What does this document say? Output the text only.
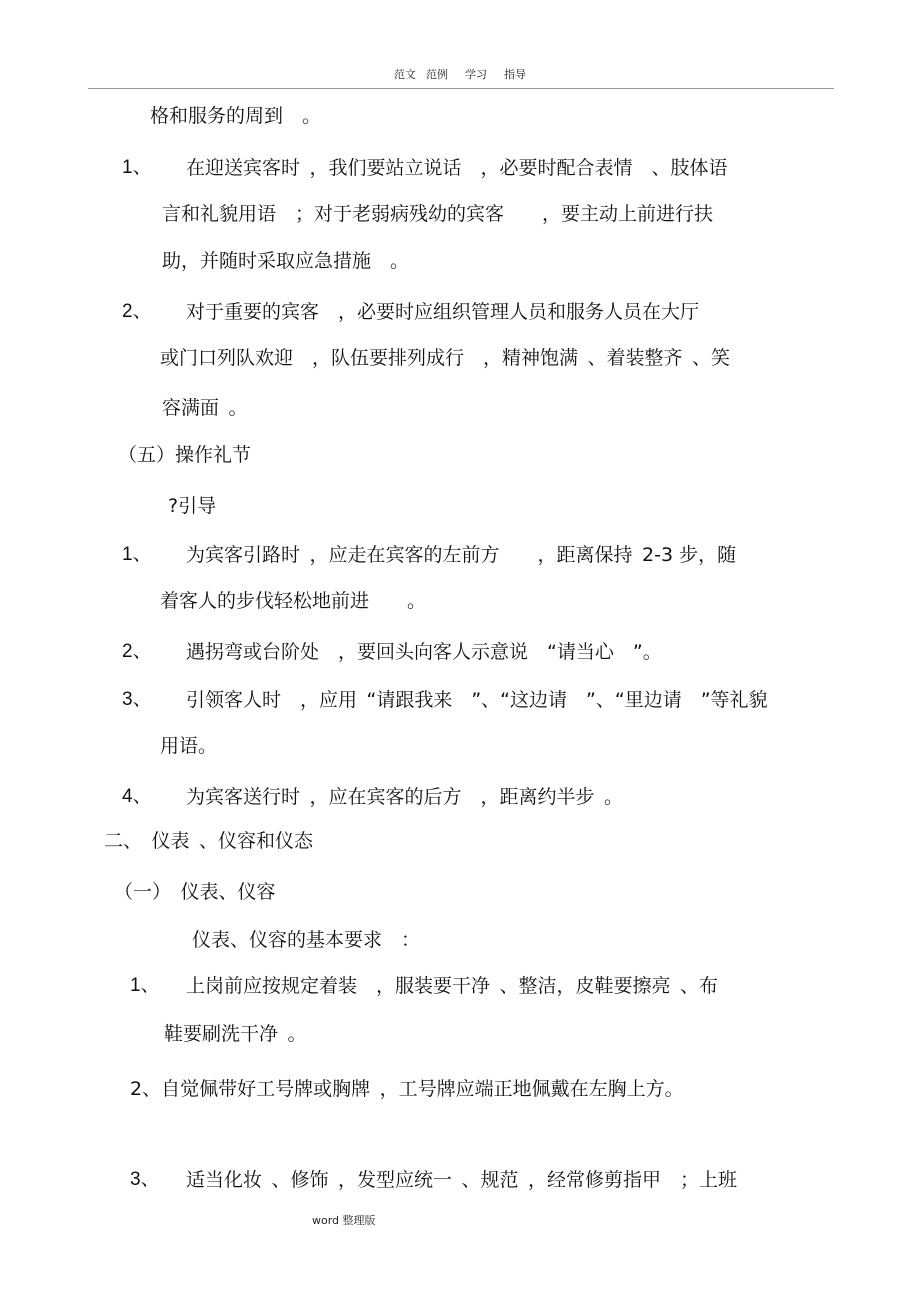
范文 范例 学习 指导
格和服务的周到　。
1、 在迎送宾客时 ，我们要站立说话　，必要时配合表情　、肢体语
言和礼貌用语　；对于老弱病残幼的宾客　　，要主动上前进行扶
助，并随时采取应急措施　。
2、 对于重要的宾客　，必要时应组织管理人员和服务人员在大厅
或门口列队欢迎　，队伍要排列成行　，精神饱满 、着装整齐 、笑
容满面 。
（五）操作礼节
?引导
1、 为宾客引路时 ，应走在宾客的左前方　　，距离保持 2-3 步，随
着客人的步伐轻松地前进　　。
2、 遇拐弯或台阶处　，要回头向客人示意说　“请当心　”。
3、 引领客人时　，应用 “请跟我来　”、“这边请　”、“里边请　”等礼貌
用语。
4、 为宾客送行时 ，应在宾客的后方　，距离约半步 。
二、　仪表 、仪容和仪态
（一） 仪表、仪容
仪表、仪容的基本要求　：
1、 上岗前应按规定着装　，服装要干净 、整洁，皮鞋要擦亮 、布
鞋要刷洗干净 。
2、自觉佩带好工号牌或胸牌 ，工号牌应端正地佩戴在左胸上方。
3、 适当化妆 、修饰 ，发型应统一 、规范 ，经常修剪指甲　；上班
word 整理版
